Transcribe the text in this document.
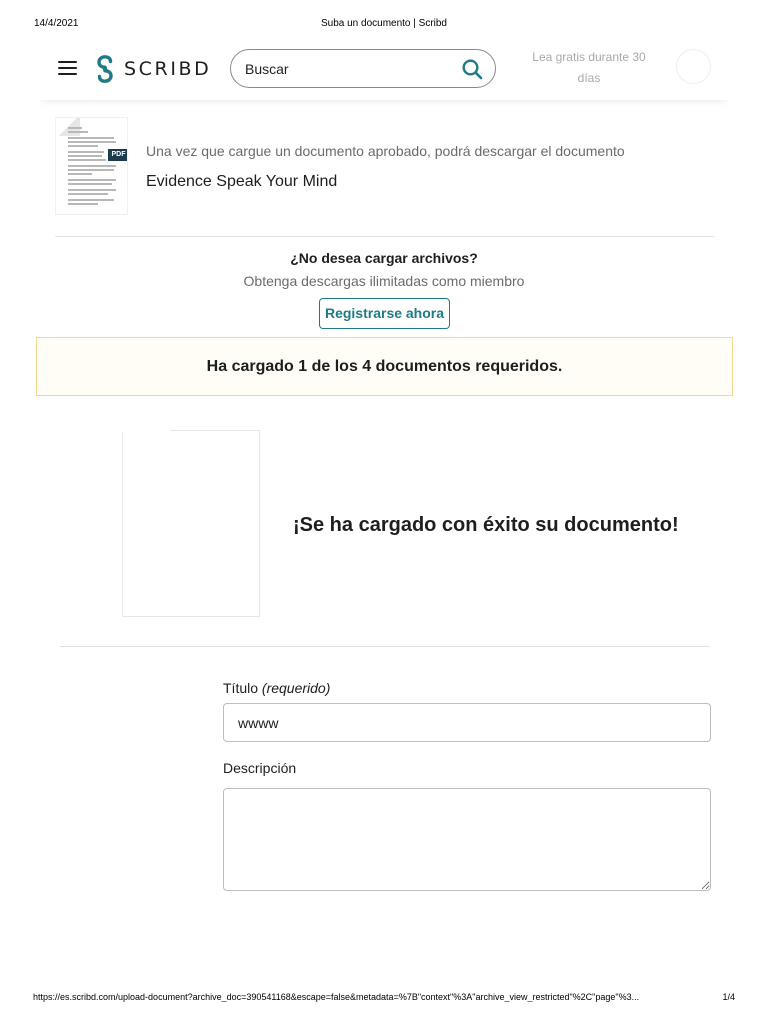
14/4/2021	Suba un documento | Scribd
SCRIBD
Buscar
Lea gratis durante 30
días
PDF Una vez que cargue un documento aprobado, podrá descargar el documento
Evidence Speak Your Mind
¿No desea cargar archivos?
Obtenga descargas ilimitadas como miembro
Registrarse ahora
Ha cargado 1 de los 4 documentos requeridos.
¡Se ha cargado con éxito su documento!
Título (requerido)
wwww
Descripción
https://es.scribd.com/upload-document?archive_doc=390541168&escape=false&metadata=%7B"context"%3A"archive_view_restricted"%2C"page"%3...	1/4
